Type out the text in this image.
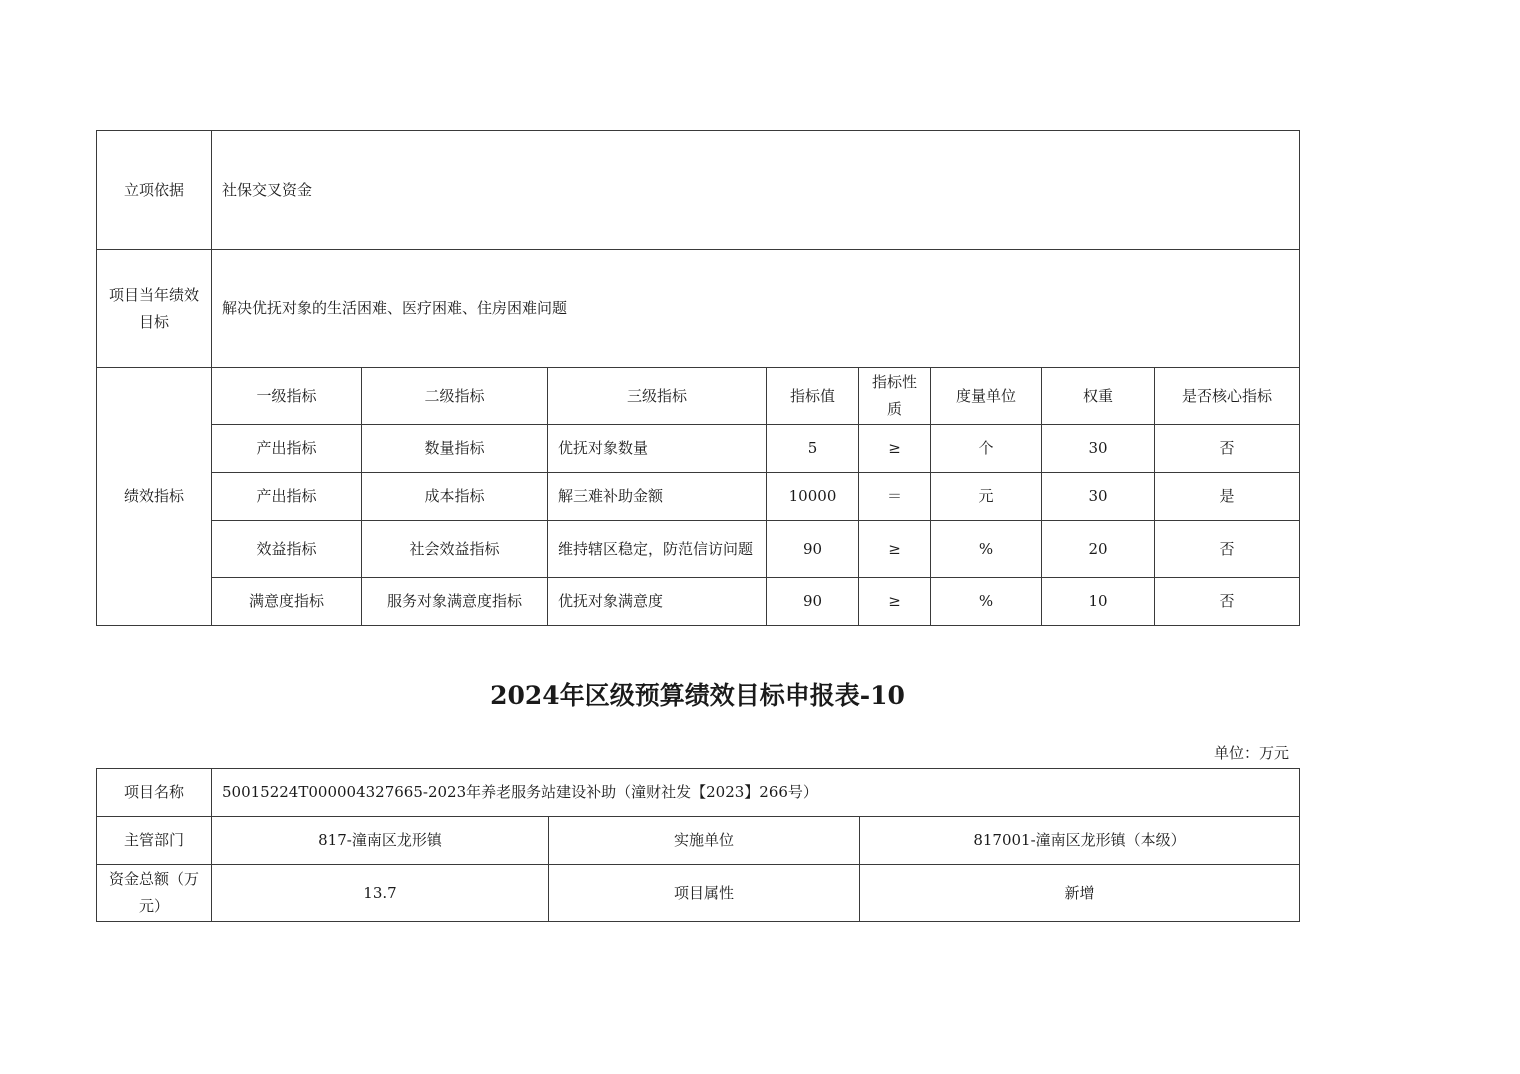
立项依据	社保交叉资金							
项目当年绩效目标	解决优抚对象的生活困难、医疗困难、住房困难问题							
绩效指标	一级指标	二级指标	三级指标	指标值	指标性质	度量单位	权重	是否核心指标
	产出指标	数量指标	优抚对象数量	5	≥	个	30	否
	产出指标	成本指标	解三难补助金额	10000	＝	元	30	是
	效益指标	社会效益指标	维持辖区稳定，防范信访问题	90	≥	%	20	否
	满意度指标	服务对象满意度指标	优抚对象满意度	90	≥	%	10	否
2024年区级预算绩效目标申报表-10
单位：万元
项目名称	50015224T000004327665-2023年养老服务站建设补助（潼财社发【2023】266号）		
主管部门	817-潼南区龙形镇	实施单位	817001-潼南区龙形镇（本级）
资金总额（万元）	13.7	项目属性	新增
